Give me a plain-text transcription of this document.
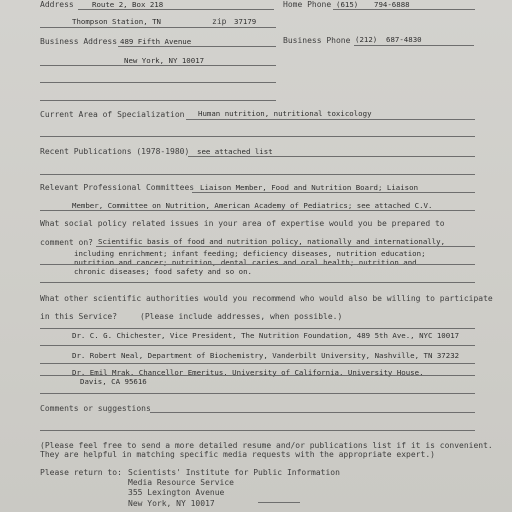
Address Route 2, Box 218	Home Phone (615) 794-6888
Thompson Station, TN	zip 37179
Business Address 489 Fifth Avenue	Business Phone (212) 687-4830
New York, NY 10017
Current Area of Specialization Human nutrition, nutritional toxicology
Recent Publications (1978-1980) see attached list
Relevant Professional Committees Liaison Member, Food and Nutrition Board; Liaison
Member, Committee on Nutrition, American Academy of Pediatrics; see attached C.V.
What social policy related issues in your area of expertise would you be prepared to
comment on? Scientific basis of food and nutrition policy, nationally and internationally,
including enrichment; infant feeding; deficiency diseases, nutrition education;
nutrition and cancer; nutrition, dental caries and oral health; nutrition and
chronic diseases; food safety and so on.
What other scientific authorities would you recommend who would also be willing to participate
in this Service?	(Please include addresses, when possible.)
Dr. C. G. Chichester, Vice President, The Nutrition Foundation, 489 5th Ave., NYC 10017
Dr. Robert Neal, Department of Biochemistry, Vanderbilt University, Nashville, TN 37232
Dr. Emil Mrak, Chancellor Emeritus, University of California, University House,
Davis, CA 95616
Comments or suggestions
(Please feel free to send a more detailed resume and/or publications list if it is convenient.
They are helpful in matching specific media requests with the appropriate expert.)
Please return to: Scientists' Institute for Public Information
Media Resource Service
355 Lexington Avenue
New York, NY 10017
